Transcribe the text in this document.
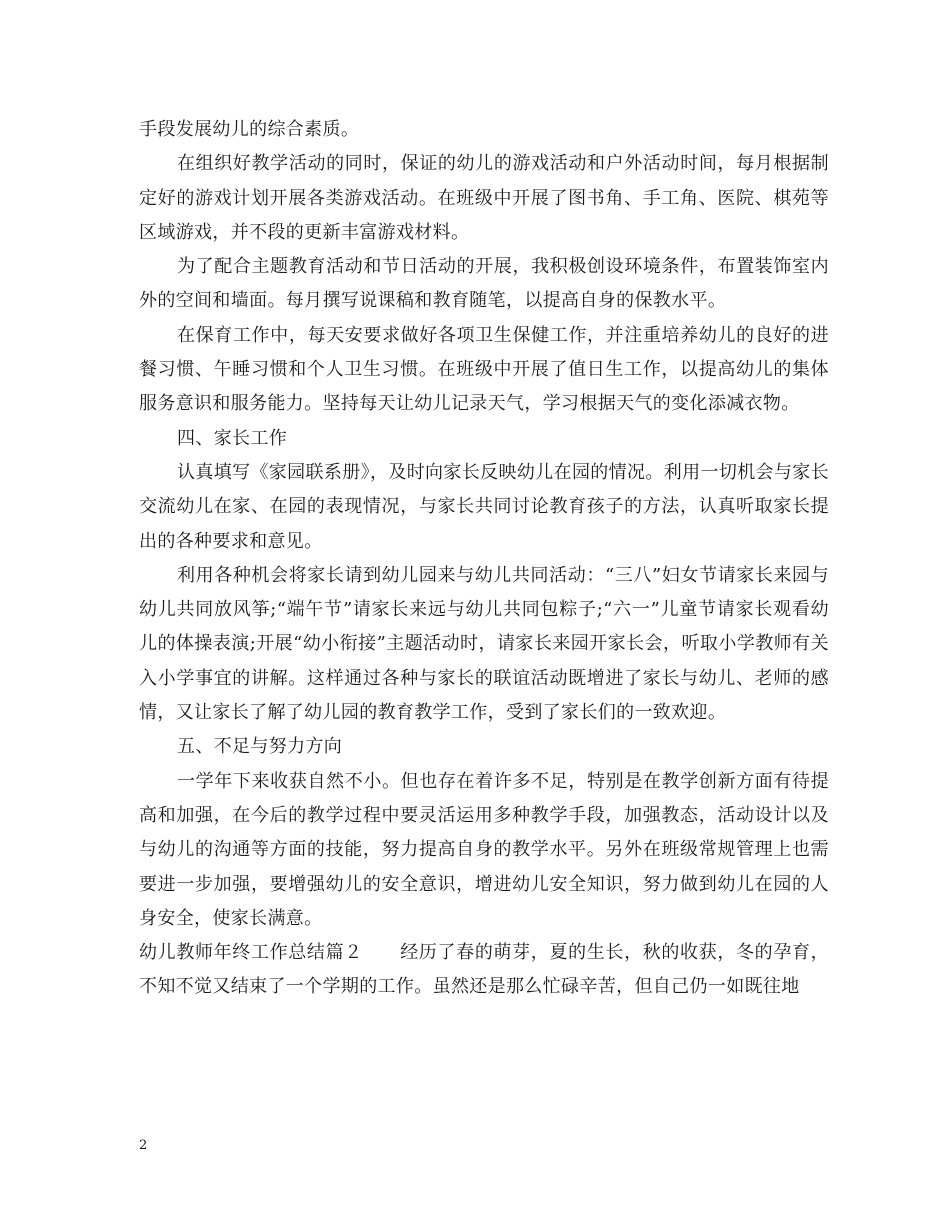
手段发展幼儿的综合素质。

在组织好教学活动的同时，保证的幼儿的游戏活动和户外活动时间，每月根据制定好的游戏计划开展各类游戏活动。在班级中开展了图书角、手工角、医院、棋苑等区域游戏，并不段的更新丰富游戏材料。

为了配合主题教育活动和节日活动的开展，我积极创设环境条件，布置装饰室内外的空间和墙面。每月撰写说课稿和教育随笔，以提高自身的保教水平。

在保育工作中，每天安要求做好各项卫生保健工作，并注重培养幼儿的良好的进餐习惯、午睡习惯和个人卫生习惯。在班级中开展了值日生工作，以提高幼儿的集体服务意识和服务能力。坚持每天让幼儿记录天气，学习根据天气的变化添减衣物。

四、家长工作

认真填写《家园联系册》，及时向家长反映幼儿在园的情况。利用一切机会与家长交流幼儿在家、在园的表现情况，与家长共同讨论教育孩子的方法，认真听取家长提出的各种要求和意见。

利用各种机会将家长请到幼儿园来与幼儿共同活动：“三八”妇女节请家长来园与幼儿共同放风筝;“端午节”请家长来远与幼儿共同包粽子;“六一”儿童节请家长观看幼儿的体操表演;开展“幼小衔接”主题活动时，请家长来园开家长会，听取小学教师有关入小学事宜的讲解。这样通过各种与家长的联谊活动既增进了家长与幼儿、老师的感情，又让家长了解了幼儿园的教育教学工作，受到了家长们的一致欢迎。

五、不足与努力方向

一学年下来收获自然不小。但也存在着许多不足，特别是在教学创新方面有待提高和加强，在今后的教学过程中要灵活运用多种教学手段，加强教态，活动设计以及与幼儿的沟通等方面的技能，努力提高自身的教学水平。另外在班级常规管理上也需要进一步加强，要增强幼儿的安全意识，增进幼儿安全知识，努力做到幼儿在园的人身安全，使家长满意。

幼儿教师年终工作总结篇２　　经历了春的萌芽，夏的生长，秋的收获，冬的孕育，不知不觉又结束了一个学期的工作。虽然还是那么忙碌辛苦，但自己仍一如既往地

2
